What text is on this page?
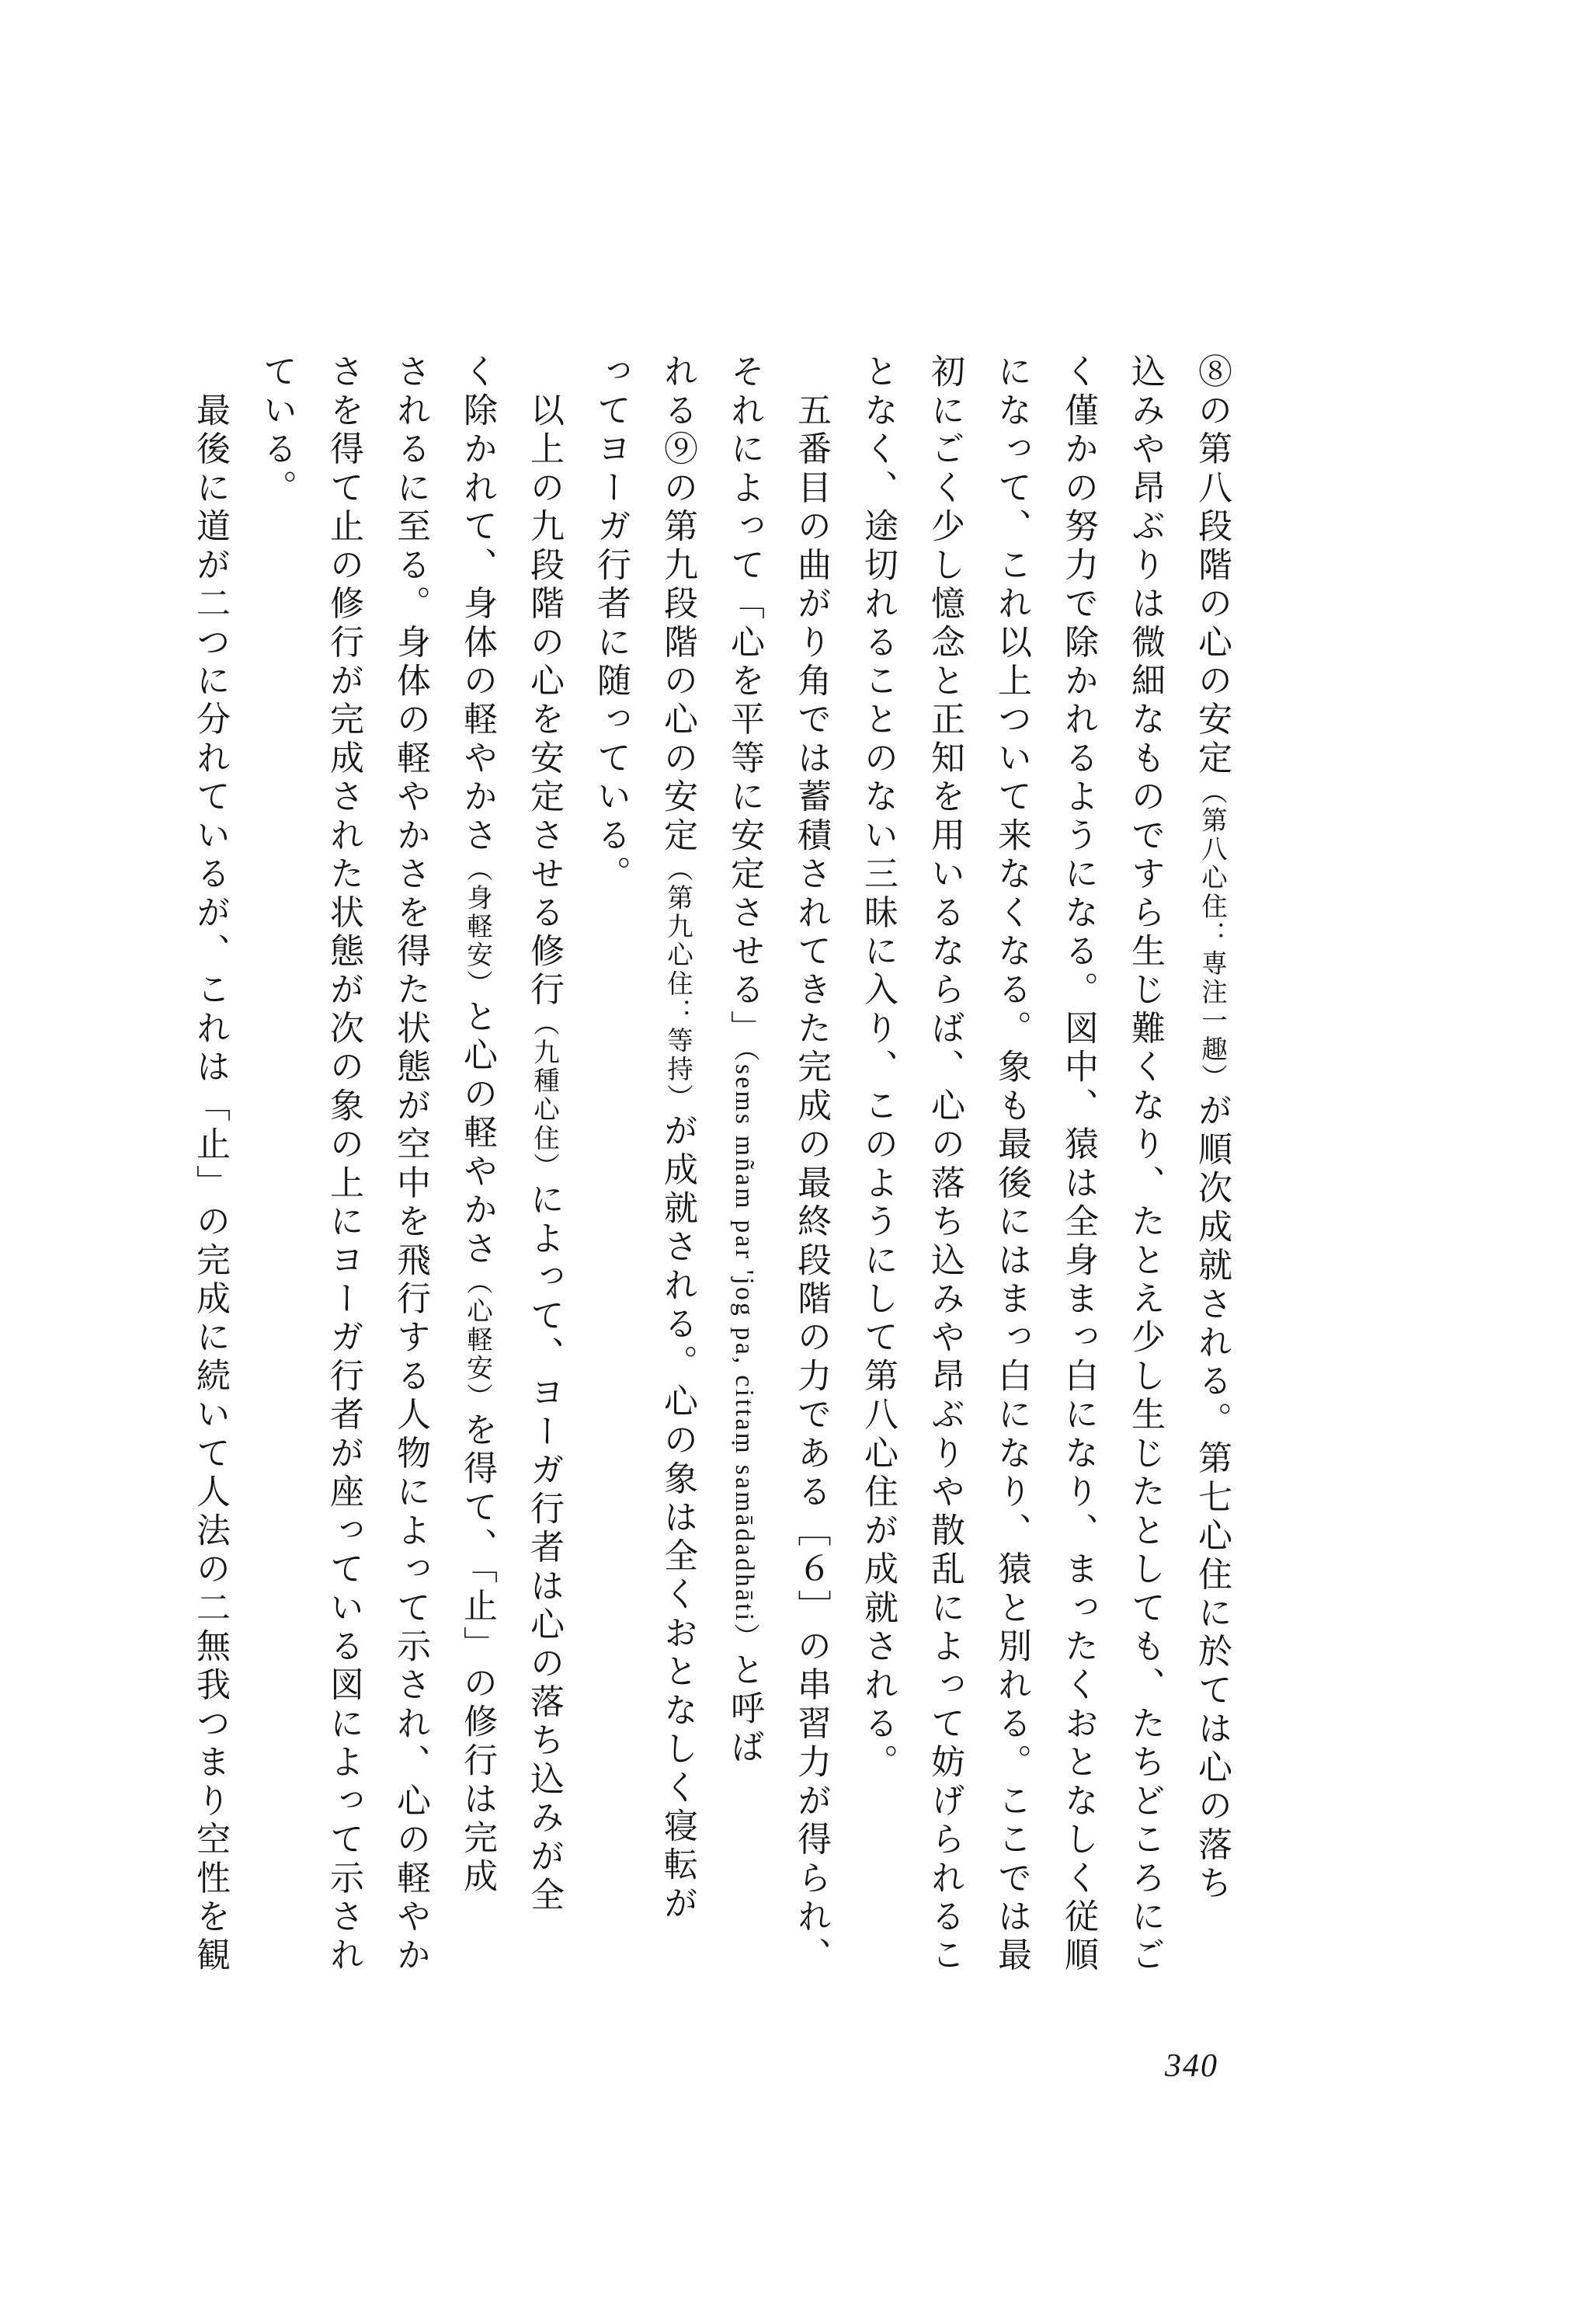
⑧の第八段階の心の安定（第八心住：専注一趣）が順次成就される。第七心住に於ては心の落ち
込みや昂ぶりは微細なものですら生じ難くなり、たとえ少し生じたとしても、たちどころにご
く僅かの努力で除かれるようになる。図中、猿は全身まっ白になり、まったくおとなしく従順
になって、これ以上ついて来なくなる。象も最後にはまっ白になり、猿と別れる。ここでは最
初にごく少し憶念と正知を用いるならば、心の落ち込みや昂ぶりや散乱によって妨げられるこ
となく、途切れることのない三昧に入り、このようにして第八心住が成就される。
　五番目の曲がり角では蓄積されてきた完成の最終段階の力である［６］の串習力が得られ、
それによって「心を平等に安定させる」（sems mñam par 'jog pa, cittaṃ samādadhāti）と呼ば
れる⑨の第九段階の心の安定（第九心住：等持）が成就される。心の象は全くおとなしく寝転が
ってヨーガ行者に随っている。
　以上の九段階の心を安定させる修行（九種心住）によって、ヨーガ行者は心の落ち込みが全
く除かれて、身体の軽やかさ（身軽安）と心の軽やかさ（心軽安）を得て、「止」の修行は完成
されるに至る。身体の軽やかさを得た状態が空中を飛行する人物によって示され、心の軽やか
さを得て止の修行が完成された状態が次の象の上にヨーガ行者が座っている図によって示され
ている。
　最後に道が二つに分れているが、これは「止」の完成に続いて人法の二無我つまり空性を観
340
